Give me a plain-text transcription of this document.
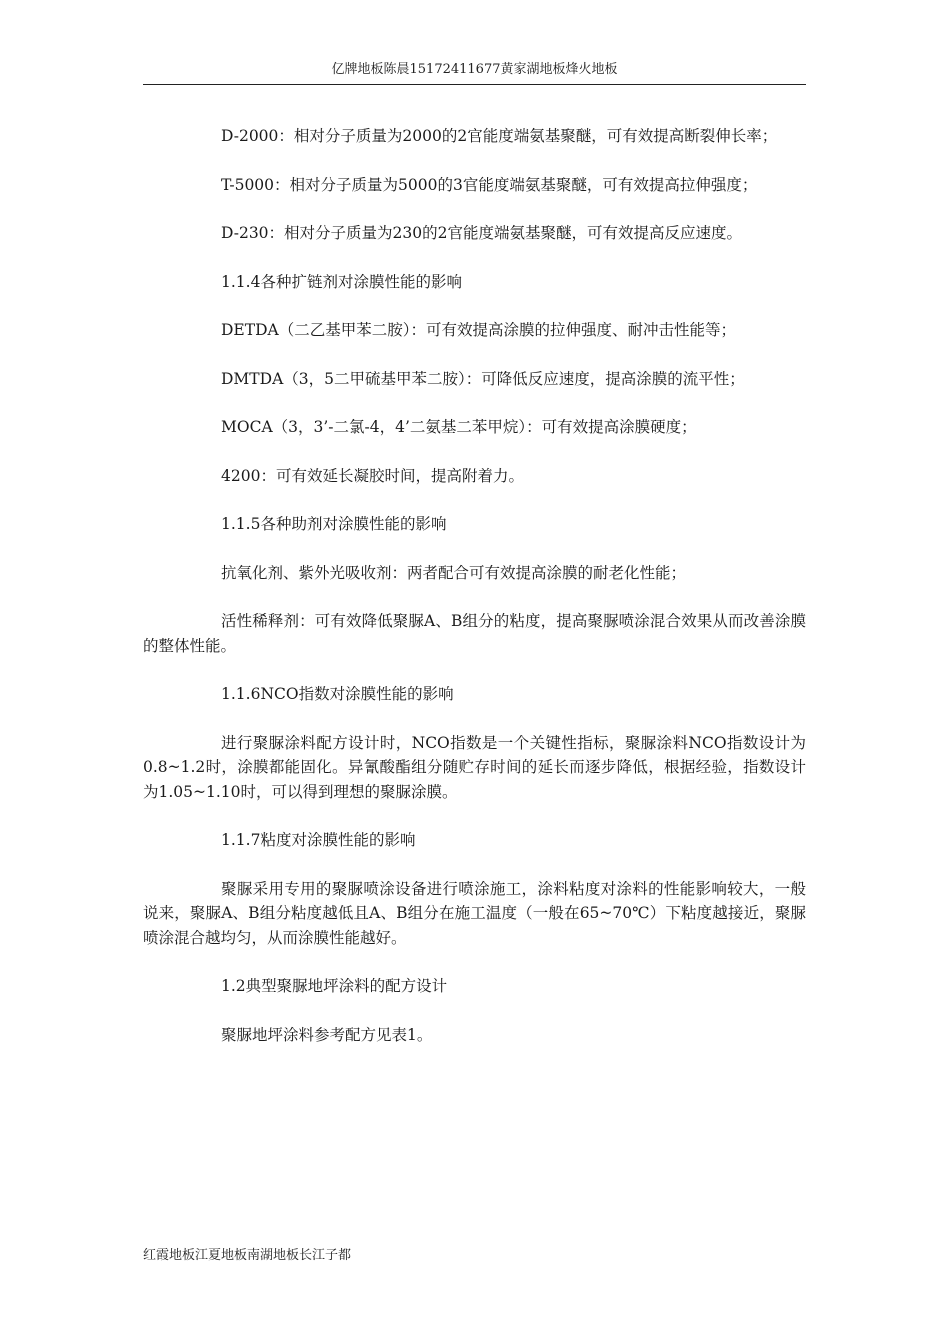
亿牌地板陈晨15172411677黄家湖地板烽火地板

D-2000：相对分子质量为2000的2官能度端氨基聚醚，可有效提高断裂伸长率；

T-5000：相对分子质量为5000的3官能度端氨基聚醚，可有效提高拉伸强度；

D-230：相对分子质量为230的2官能度端氨基聚醚，可有效提高反应速度。

1.1.4各种扩链剂对涂膜性能的影响

DETDA（二乙基甲苯二胺）：可有效提高涂膜的拉伸强度、耐冲击性能等；

DMTDA（3，5二甲硫基甲苯二胺）：可降低反应速度，提高涂膜的流平性；

MOCA（3，3’-二氯-4，4’二氨基二苯甲烷）：可有效提高涂膜硬度；

4200：可有效延长凝胶时间，提高附着力。

1.1.5各种助剂对涂膜性能的影响

抗氧化剂、紫外光吸收剂：两者配合可有效提高涂膜的耐老化性能；

活性稀释剂：可有效降低聚脲A、B组分的粘度，提高聚脲喷涂混合效果从而改善涂膜的整体性能。

1.1.6NCO指数对涂膜性能的影响

进行聚脲涂料配方设计时，NCO指数是一个关键性指标，聚脲涂料NCO指数设计为0.8~1.2时，涂膜都能固化。异氰酸酯组分随贮存时间的延长而逐步降低，根据经验，指数设计为1.05~1.10时，可以得到理想的聚脲涂膜。

1.1.7粘度对涂膜性能的影响

聚脲采用专用的聚脲喷涂设备进行喷涂施工，涂料粘度对涂料的性能影响较大，一般说来，聚脲A、B组分粘度越低且A、B组分在施工温度（一般在65~70℃）下粘度越接近，聚脲喷涂混合越均匀，从而涂膜性能越好。

1.2典型聚脲地坪涂料的配方设计

聚脲地坪涂料参考配方见表1。

红霞地板江夏地板南湖地板长江子都
